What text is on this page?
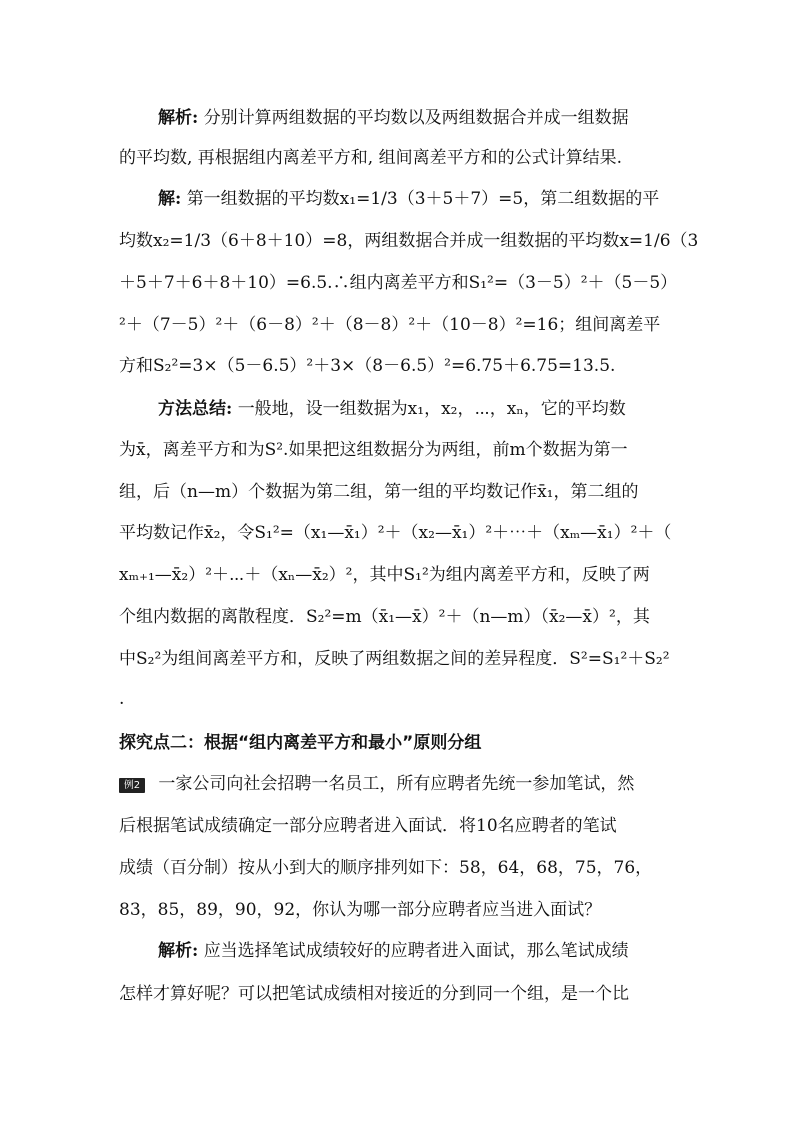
解析: 分别计算两组数据的平均数以及两组数据合并成一组数据
的平均数, 再根据组内离差平方和, 组间离差平方和的公式计算结果.
解: 第一组数据的平均数x₁=1/3（3＋5＋7）=5，第二组数据的平
均数x₂=1/3（6＋8＋10）=8，两组数据合并成一组数据的平均数x=1/6（3
＋5＋7＋6＋8＋10）=6.5.∴组内离差平方和S₁²=（3－5）²＋（5－5）
²＋（7－5）²＋（6－8）²＋（8－8）²＋（10－8）²=16；组间离差平
方和S₂²=3×（5－6.5）²＋3×（8－6.5）²=6.75＋6.75=13.5.
方法总结: 一般地，设一组数据为x₁，x₂，⋯，xₙ，它的平均数
为x̄，离差平方和为S².如果把这组数据分为两组，前m个数据为第一
组，后（n—m）个数据为第二组，第一组的平均数记作x̄₁，第二组的
平均数记作x̄₂，令S₁²=（x₁—x̄₁）²＋（x₂—x̄₁）²＋⋯＋（xₘ—x̄₁）²＋（
xₘ₊₁—x̄₂）²＋⋯＋（xₙ—x̄₂）²，其中S₁²为组内离差平方和，反映了两
个组内数据的离散程度．S₂²=m（x̄₁—x̄）²＋（n—m）（x̄₂—x̄）²，其
中S₂²为组间离差平方和，反映了两组数据之间的差异程度．S²=S₁²＋S₂²
.
探究点二：根据“组内离差平方和最小”原则分组
例2 一家公司向社会招聘一名员工，所有应聘者先统一参加笔试，然
后根据笔试成绩确定一部分应聘者进入面试．将10名应聘者的笔试
成绩（百分制）按从小到大的顺序排列如下：58，64，68，75，76，
83，85，89，90，92，你认为哪一部分应聘者应当进入面试？
解析: 应当选择笔试成绩较好的应聘者进入面试，那么笔试成绩
怎样才算好呢？可以把笔试成绩相对接近的分到同一个组，是一个比
